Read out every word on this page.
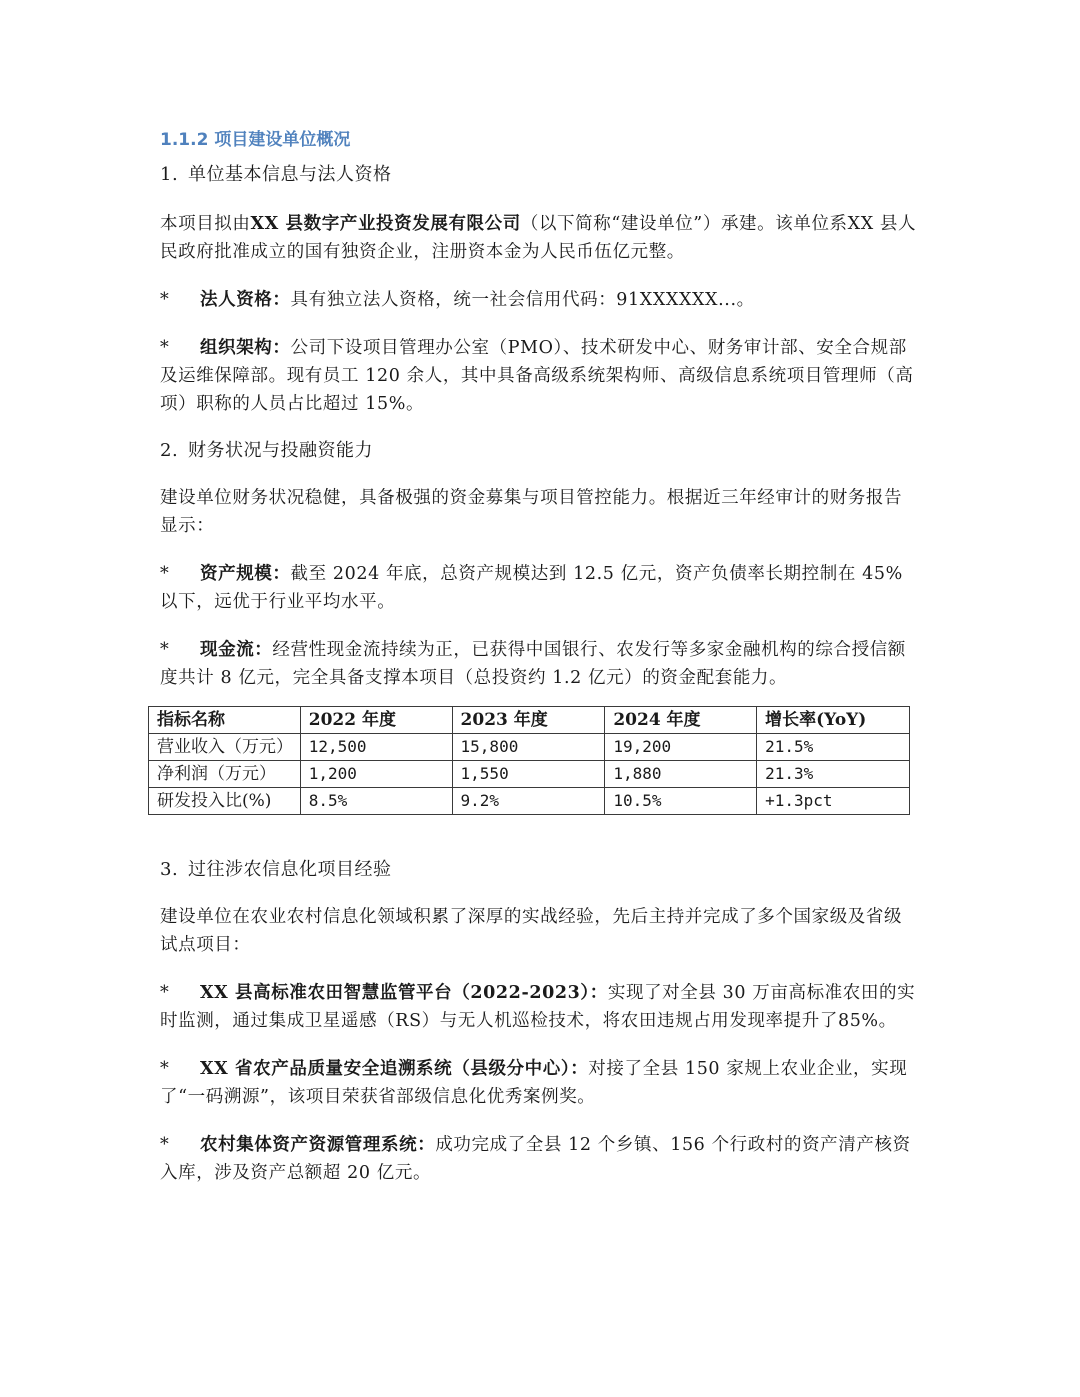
1.1.2 项目建设单位概况

1. 单位基本信息与法人资格

本项目拟由XX 县数字产业投资发展有限公司（以下简称“建设单位”）承建。该单位系XX 县人民政府批准成立的国有独资企业，注册资本金为人民币伍亿元整。

* 法人资格：具有独立法人资格，统一社会信用代码：91XXXXXX...。

* 组织架构：公司下设项目管理办公室（PMO）、技术研发中心、财务审计部、安全合规部及运维保障部。现有员工 120 余人，其中具备高级系统架构师、高级信息系统项目管理师（高项）职称的人员占比超过 15%。

2. 财务状况与投融资能力

建设单位财务状况稳健，具备极强的资金募集与项目管控能力。根据近三年经审计的财务报告显示：

* 资产规模：截至 2024 年底，总资产规模达到 12.5 亿元，资产负债率长期控制在 45%以下，远优于行业平均水平。

* 现金流：经营性现金流持续为正，已获得中国银行、农发行等多家金融机构的综合授信额度共计 8 亿元，完全具备支撑本项目（总投资约 1.2 亿元）的资金配套能力。

指标名称	2022 年度	2023 年度	2024 年度	增长率(YoY)
营业收入（万元）	12,500	15,800	19,200	21.5%
净利润（万元）	1,200	1,550	1,880	21.3%
研发投入比(%)	8.5%	9.2%	10.5%	+1.3pct

3. 过往涉农信息化项目经验

建设单位在农业农村信息化领域积累了深厚的实战经验，先后主持并完成了多个国家级及省级试点项目：

* XX 县高标准农田智慧监管平台（2022-2023）：实现了对全县 30 万亩高标准农田的实时监测，通过集成卫星遥感（RS）与无人机巡检技术，将农田违规占用发现率提升了85%。

* XX 省农产品质量安全追溯系统（县级分中心）：对接了全县 150 家规上农业企业，实现了“一码溯源”，该项目荣获省部级信息化优秀案例奖。

* 农村集体资产资源管理系统：成功完成了全县 12 个乡镇、156 个行政村的资产清产核资入库，涉及资产总额超 20 亿元。
